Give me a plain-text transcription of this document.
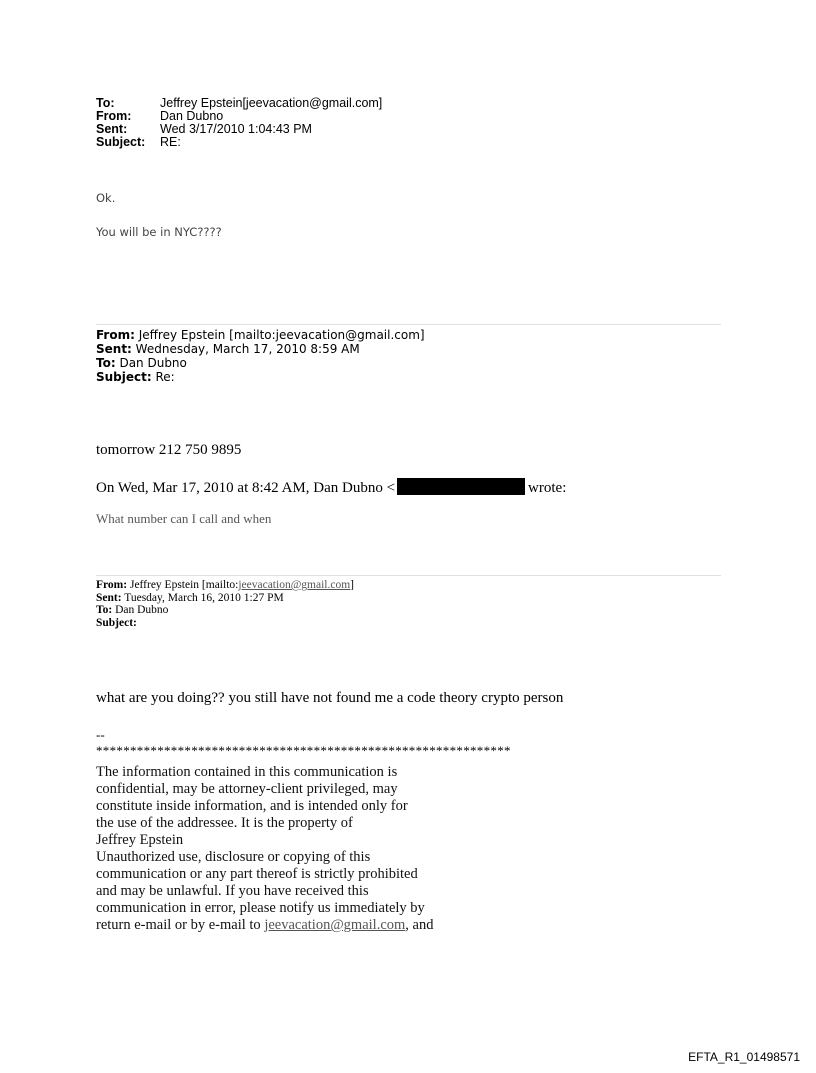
To:	Jeffrey Epstein[jeevacation@gmail.com]
From:	Dan Dubno
Sent:	Wed 3/17/2010 1:04:43 PM
Subject:	RE:
Ok.
You will be in NYC????
From: Jeffrey Epstein [mailto:jeevacation@gmail.com]
Sent: Wednesday, March 17, 2010 8:59 AM
To: Dan Dubno
Subject: Re:
tomorrow 212 750 9895
On Wed, Mar 17, 2010 at 8:42 AM, Dan Dubno <	wrote:
What number can I call and when
From: Jeffrey Epstein [mailto:jeevacation@gmail.com]
Sent: Tuesday, March 16, 2010 1:27 PM
To: Dan Dubno
Subject:
what are you doing?? you still have not found me a code theory crypto person
--
*************************************************************
The information contained in this communication is
confidential, may be attorney-client privileged, may
constitute inside information, and is intended only for
the use of the addressee. It is the property of
Jeffrey Epstein
Unauthorized use, disclosure or copying of this
communication or any part thereof is strictly prohibited
and may be unlawful. If you have received this
communication in error, please notify us immediately by
return e-mail or by e-mail to jeevacation@gmail.com, and
EFTA_R1_01498571
